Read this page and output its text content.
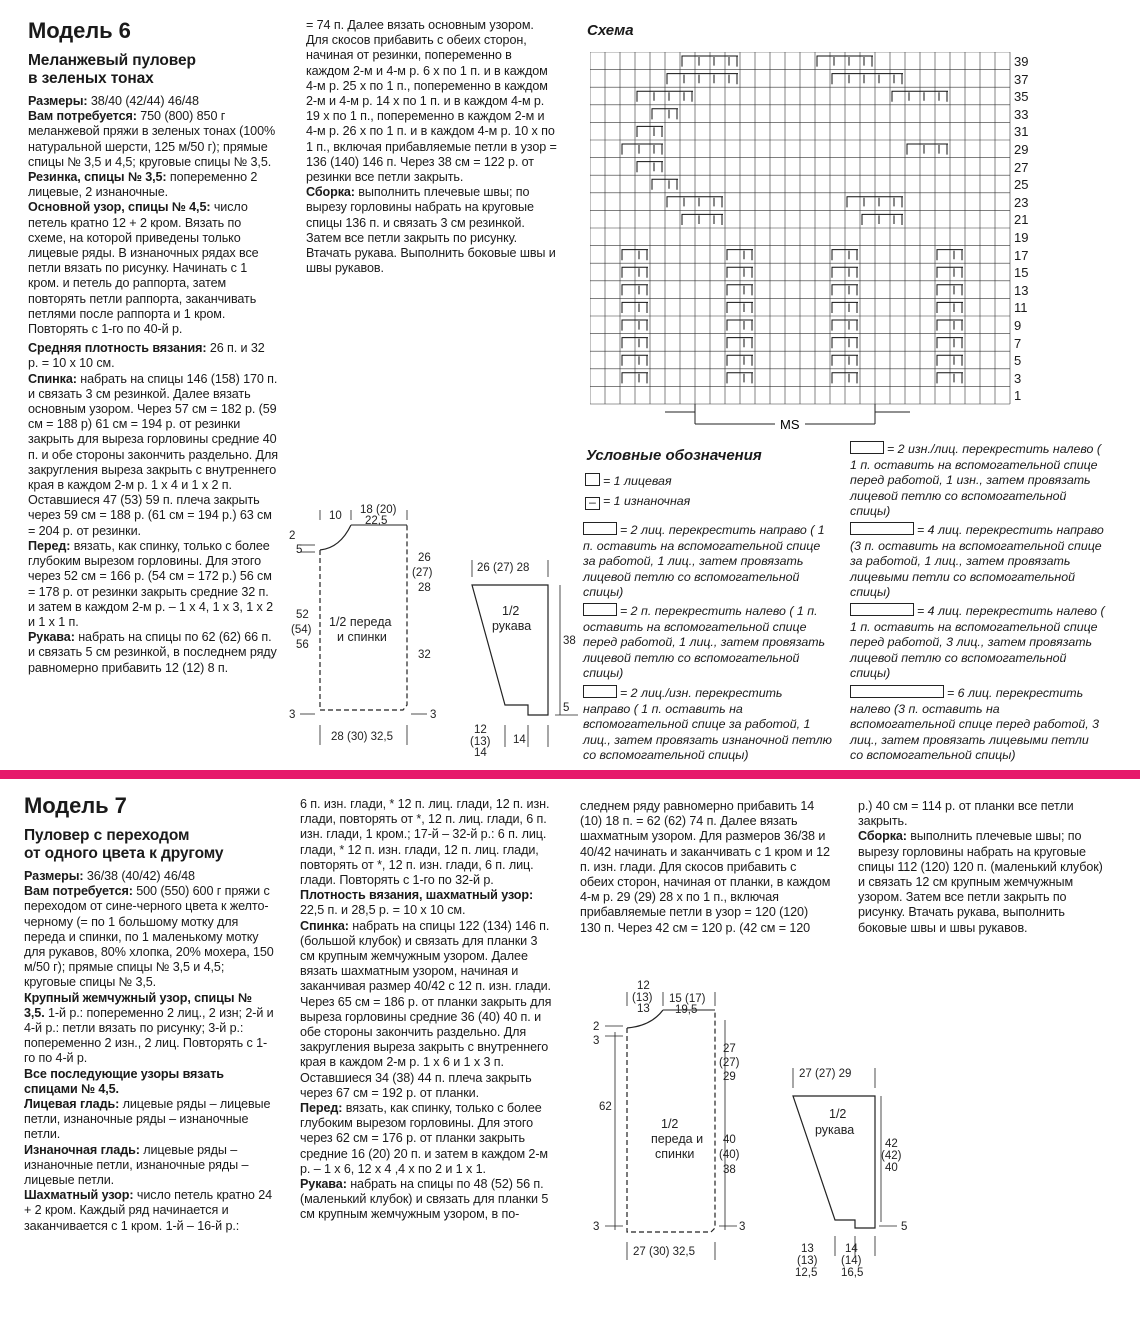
Модель 6

Меланжевый пуловер

в зеленых тонах

Размеры: 38/40 (42/44) 46/48

Вам потребуется: 750 (800) 850 г меланжевой пряжи в зеленых тонах (100% натуральной шерсти, 125 м/50 г); прямые спицы № 3,5 и 4,5; круговые спицы № 3,5.

Резинка, спицы № 3,5: попеременно 2 лицевые, 2 изнаночные.

Основной узор, спицы № 4,5: число петель кратно 12 + 2 кром. Вязать по схеме, на которой приведены только лицевые ряды. В изнаночных рядах все петли вязать по рисунку. Начинать с 1 кром. и петель до раппорта, затем повторять петли раппорта, заканчивать петлями после раппорта и 1 кром. Повторять с 1-го по 40-й р.

Средняя плотность вязания: 26 п. и 32 р. = 10 х 10 см.

Спинка: набрать на спицы 146 (158) 170 п. и связать 3 см резинкой. Далее вязать основным узором. Через 57 см = 182 р. (59 см = 188 р) 61 см = 194 р. от резинки закрыть для выреза горловины средние 40 п. и обе стороны закончить раздельно. Для закругления выреза закрыть с внутреннего края в каждом 2-м р. 1 х 4 и 1 х 2 п. Оставшиеся 47 (53) 59 п. плеча закрыть через 59 см = 188 р. (61 см = 194 р.) 63 см = 204 р. от резинки.

Перед: вязать, как спинку, только с более глубоким вырезом горловины. Для этого через 52 см = 166 р. (54 см = 172 р.) 56 см = 178 р. от резинки закрыть средние 32 п. и затем в каждом 2-м р. – 1 х 4, 1 х 3, 1 х 2 и 1 х 1 п.

Рукава: набрать на спицы по 62 (62) 66 п. и связать 5 см резинкой, в последнем ряду равномерно прибавить 12 (12) 8 п.

= 74 п. Далее вязать основным узором. Для скосов прибавить с обеих сторон, начиная от резинки, попеременно в каждом 2-м и 4-м р. 6 х по 1 п. и в каждом 4-м р. 25 х по 1 п., попеременно в каждом 2-м и 4-м р. 14 х по 1 п. и в каждом 4-м р. 19 х по 1 п., попеременно в каждом 2-м и 4-м р. 26 х по 1 п. и в каждом 4-м р. 10 х по 1 п., включая прибавляемые петли в узор = 136 (140) 146 п. Через 38 см = 122 р. от резинки все петли закрыть.

Сборка: выполнить плечевые швы; по вырезу горловины набрать на круговые спицы 136 п. и связать 3 см резинкой. Затем все петли закрыть по рисунку. Втачать рукава. Выполнить боковые швы и швы рукавов.

Схема
MS
39
37
35
33
31
29
27
25
23
21
19
17
15
13
11
9
7
5
3
1
Условные обозначения
= 1 лицевая
– = 1 изнаночная
= 2 лиц. перекрестить направо ( 1 п. оставить на вспомогательной спице за работой, 1 лиц., затем провязать лицевой петлю со вспомогательной спицы)
= 2 п. перекрестить налево ( 1 п. оставить на вспомогательной спице перед работой, 1 лиц., затем провязать лицевой петлю со вспомогательной спицы)
= 2 лиц./изн. перекрестить направо ( 1 п. оставить на вспомогательной спице за работой, 1 лиц., затем провязать изнаночной петлю со вспомогательной спицы)
= 2 изн./лиц. перекрестить налево ( 1 п. оставить на вспомогательной спице перед работой, 1 изн., затем провязать лицевой петлю со вспомогательной спицы)
= 4 лиц. перекрестить направо (3 п. оставить на вспомогательной спице за работой, 1 лиц., затем провязать лицевыми петли со вспомогательной спицы)
= 4 лиц. перекрестить налево ( 1 п. оставить на вспомогательной спице перед работой, 3 лиц., затем провязать лицевой петлю со вспомогательной спицы)
= 6 лиц. перекрестить налево (3 п. оставить на вспомогательной спице перед работой, 3 лиц., затем провязать лицевыми петли со вспомогательной спицы)
10 18 (20)
22,5
2
5
26
(27)
28
52
(54)
56
1/2 переда
и спинки
32
3	3
28 (30) 32,5
26 (27) 28
1/2
рукава
38
5
12
(13)
14
14

Модель 7

Пуловер с переходом

от одного цвета к другому

Размеры: 36/38 (40/42) 46/48

Вам потребуется: 500 (550) 600 г пряжи с переходом от сине-черного цвета к желто-черному (= по 1 большому мотку для переда и спинки, по 1 маленькому мотку для рукавов, 80% хлопка, 20% мохера, 150 м/50 г); прямые спицы № 3,5 и 4,5; круговые спицы № 3,5.

Крупный жемчужный узор, спицы № 3,5. 1-й р.: попеременно 2 лиц., 2 изн; 2-й и 4-й р.: петли вязать по рисунку; 3-й р.: попеременно 2 изн., 2 лиц. Повторять с 1-го по 4-й р.

Все последующие узоры вязать спицами № 4,5.

Лицевая гладь: лицевые ряды – лицевые петли, изнаночные ряды – изнаночные петли.

Изнаночная гладь: лицевые ряды – изнаночные петли, изнаночные ряды – лицевые петли.

Шахматный узор: число петель кратно 24 + 2 кром. Каждый ряд начинается и заканчивается с 1 кром. 1-й – 16-й р.:

6 п. изн. глади, * 12 п. лиц. глади, 12 п. изн. глади, повторять от *, 12 п. лиц. глади, 6 п. изн. глади, 1 кром.; 17-й – 32-й р.: 6 п. лиц. глади, * 12 п. изн. глади, 12 п. лиц. глади, повторять от *, 12 п. изн. глади, 6 п. лиц. глади. Повторять с 1-го по 32-й р.

Плотность вязания, шахматный узор: 22,5 п. и 28,5 р. = 10 х 10 см.

Спинка: набрать на спицы 122 (134) 146 п. (большой клубок) и связать для планки 3 см крупным жемчужным узором. Далее вязать шахматным узором, начиная и заканчивая размер 40/42 с 12 п. изн. глади. Через 65 см = 186 р. от планки закрыть для выреза горловины средние 36 (40) 40 п. и обе стороны закончить раздельно. Для закругления выреза закрыть с внутреннего края в каждом 2-м р. 1 х 6 и 1 х 3 п. Оставшиеся 34 (38) 44 п. плеча закрыть через 67 см = 192 р. от планки.

Перед: вязать, как спинку, только с более глубоким вырезом горловины. Для этого через 62 см = 176 р. от планки закрыть средние 16 (20) 20 п. и затем в каждом 2-м р. – 1 х 6, 12 х 4 ,4 х по 2 и 1 х 1.

Рукава: набрать на спицы по 48 (52) 56 п. (маленький клубок) и связать для планки 5 см крупным жемчужным узором, в по-

следнем ряду равномерно прибавить 14 (10) 18 п. = 62 (62) 74 п. Далее вязать шахматным узором. Для размеров 36/38 и 40/42 начинать и заканчивать с 1 кром и 12 п. изн. глади. Для скосов прибавить с обеих сторон, начиная от планки, в каждом 4-м р. 29 (29) 28 х по 1 п., включая прибавляемые петли в узор = 120 (120) 130 п. Через 42 см = 120 р. (42 см = 120

р.) 40 см = 114 р. от планки все петли закрыть.

Сборка: выполнить плечевые швы; по вырезу горловины набрать на круговые спицы 112 (120) 120 п. (маленький клубок) и связать 12 см крупным жемчужным узором. Затем все петли закрыть по рисунку. Втачать рукава, выполнить боковые швы и швы рукавов.

12
(13)
13
15 (17)
19,5
2
3
27
(27)
29
62
1/2
переда и
спинки
40
(40)
38
3	3
27 (30) 32,5
27 (27) 29
1/2
рукава
42
(42)
40
5
13
(13)
12,5
14
(14)
16,5
